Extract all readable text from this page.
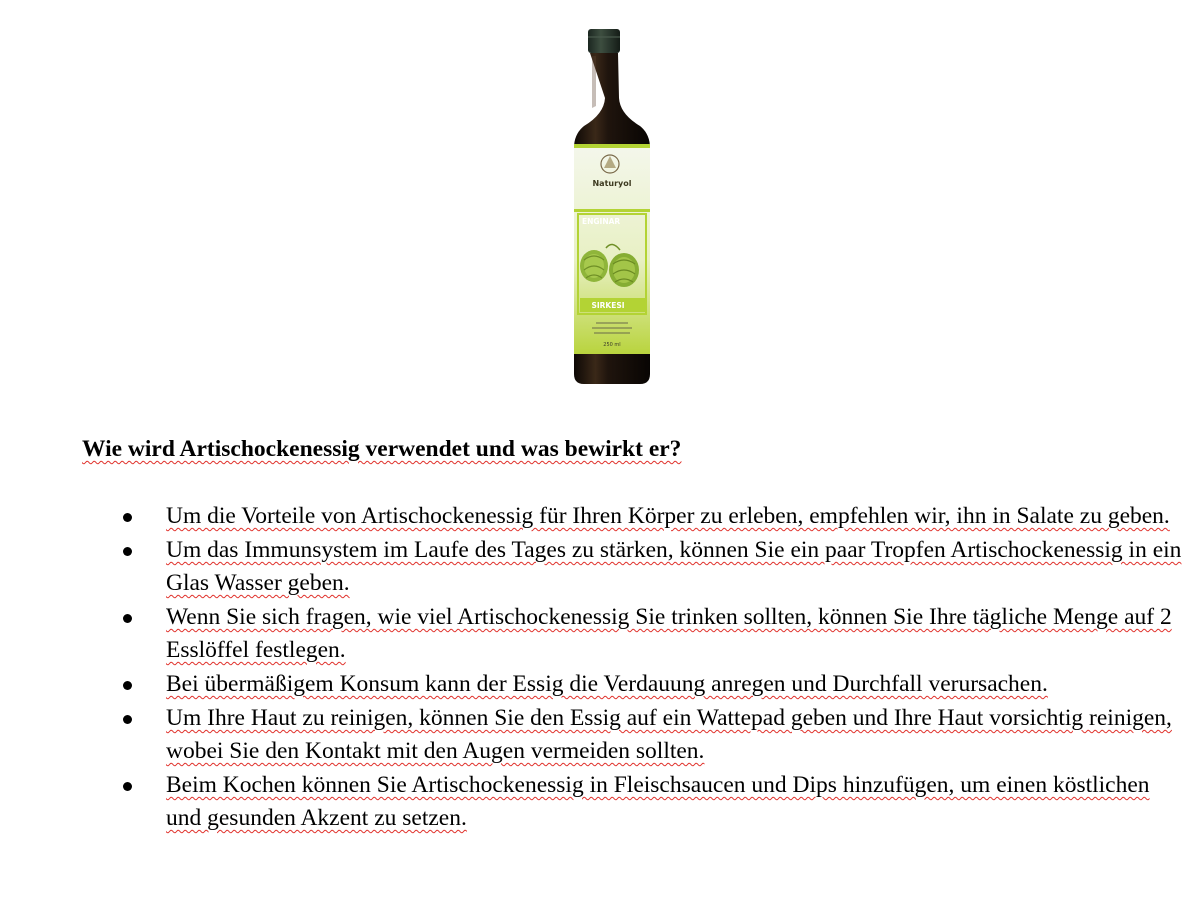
Naturyol
ENGINAR
SIRKESI
250 ml
Wie wird Artischockenessig verwendet und was bewirkt er?
Um die Vorteile von Artischockenessig für Ihren Körper zu erleben, empfehlen wir, ihn in Salate zu geben.
Um das Immunsystem im Laufe des Tages zu stärken, können Sie ein paar Tropfen Artischockenessig in ein Glas Wasser geben.
Wenn Sie sich fragen, wie viel Artischockenessig Sie trinken sollten, können Sie Ihre tägliche Menge auf 2 Esslöffel festlegen.
Bei übermäßigem Konsum kann der Essig die Verdauung anregen und Durchfall verursachen.
Um Ihre Haut zu reinigen, können Sie den Essig auf ein Wattepad geben und Ihre Haut vorsichtig reinigen, wobei Sie den Kontakt mit den Augen vermeiden sollten.
Beim Kochen können Sie Artischockenessig in Fleischsaucen und Dips hinzufügen, um einen köstlichen und gesunden Akzent zu setzen.
